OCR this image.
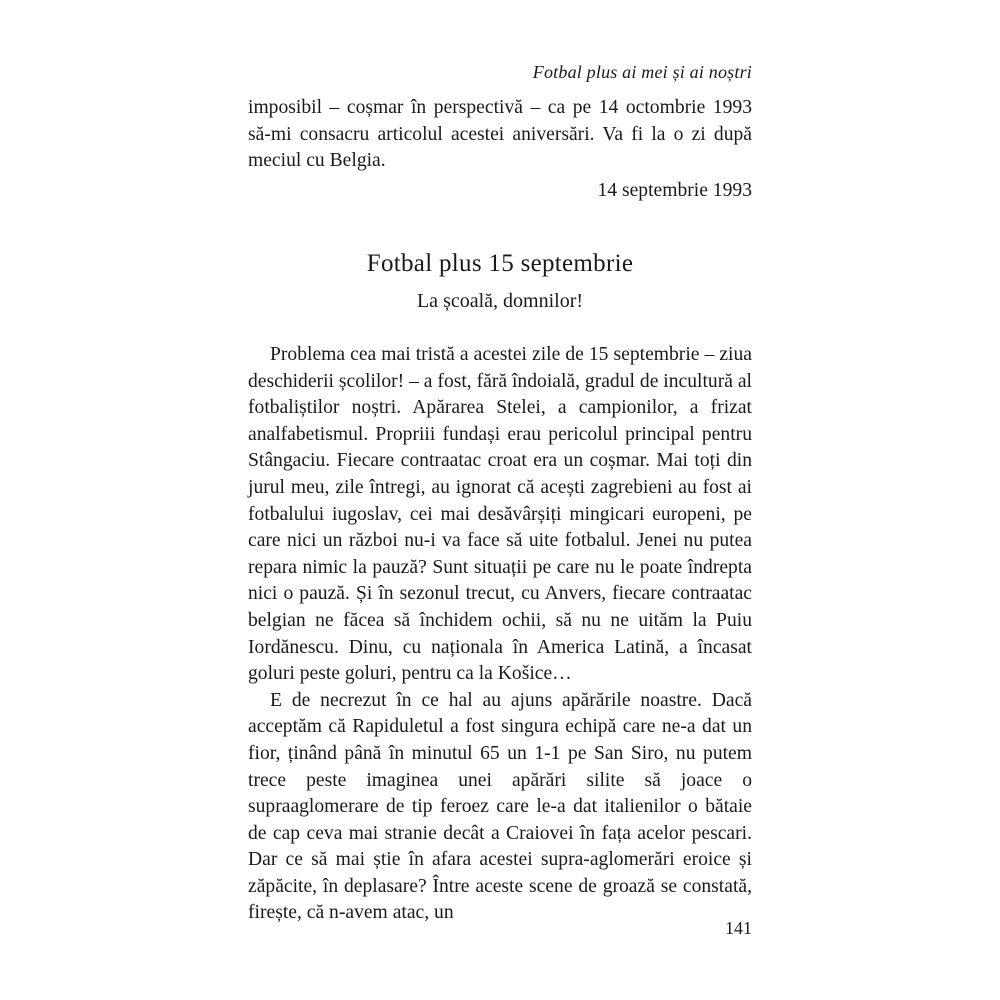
Fotbal plus ai mei și ai noștri

imposibil – coșmar în perspectivă – ca pe 14 octombrie 1993 să-mi consacru articolul acestei aniversări. Va fi la o zi după meciul cu Belgia.

14 septembrie 1993
Fotbal plus 15 septembrie
La școală, domnilor!

Problema cea mai tristă a acestei zile de 15 septembrie – ziua deschiderii școlilor! – a fost, fără îndoială, gradul de incultură al fotbaliștilor noștri. Apărarea Stelei, a campionilor, a frizat analfabetismul. Propriii fundași erau pericolul principal pentru Stângaciu. Fiecare contraatac croat era un coșmar. Mai toți din jurul meu, zile întregi, au ignorat că acești zagrebieni au fost ai fotbalului iugoslav, cei mai desăvârșiți mingicari europeni, pe care nici un război nu-i va face să uite fotbalul. Jenei nu putea repara nimic la pauză? Sunt situații pe care nu le poate îndrepta nici o pauză. Și în sezonul trecut, cu Anvers, fiecare contraatac belgian ne făcea să închidem ochii, să nu ne uităm la Puiu Iordănescu. Dinu, cu naționala în America Latină, a încasat goluri peste goluri, pentru ca la Košice…

E de necrezut în ce hal au ajuns apărările noastre. Dacă acceptăm că Rapiduletul a fost singura echipă care ne-a dat un fior, ținând până în minutul 65 un 1-1 pe San Siro, nu putem trece peste imaginea unei apărări silite să joace o supraaglomerare de tip feroez care le-a dat italienilor o bătaie de cap ceva mai stranie decât a Craiovei în fața acelor pescari. Dar ce să mai știe în afara acestei supra-aglomerări eroice și zăpăcite, în deplasare? Între aceste scene de groază se constată, firește, că n-avem atac, un

141
